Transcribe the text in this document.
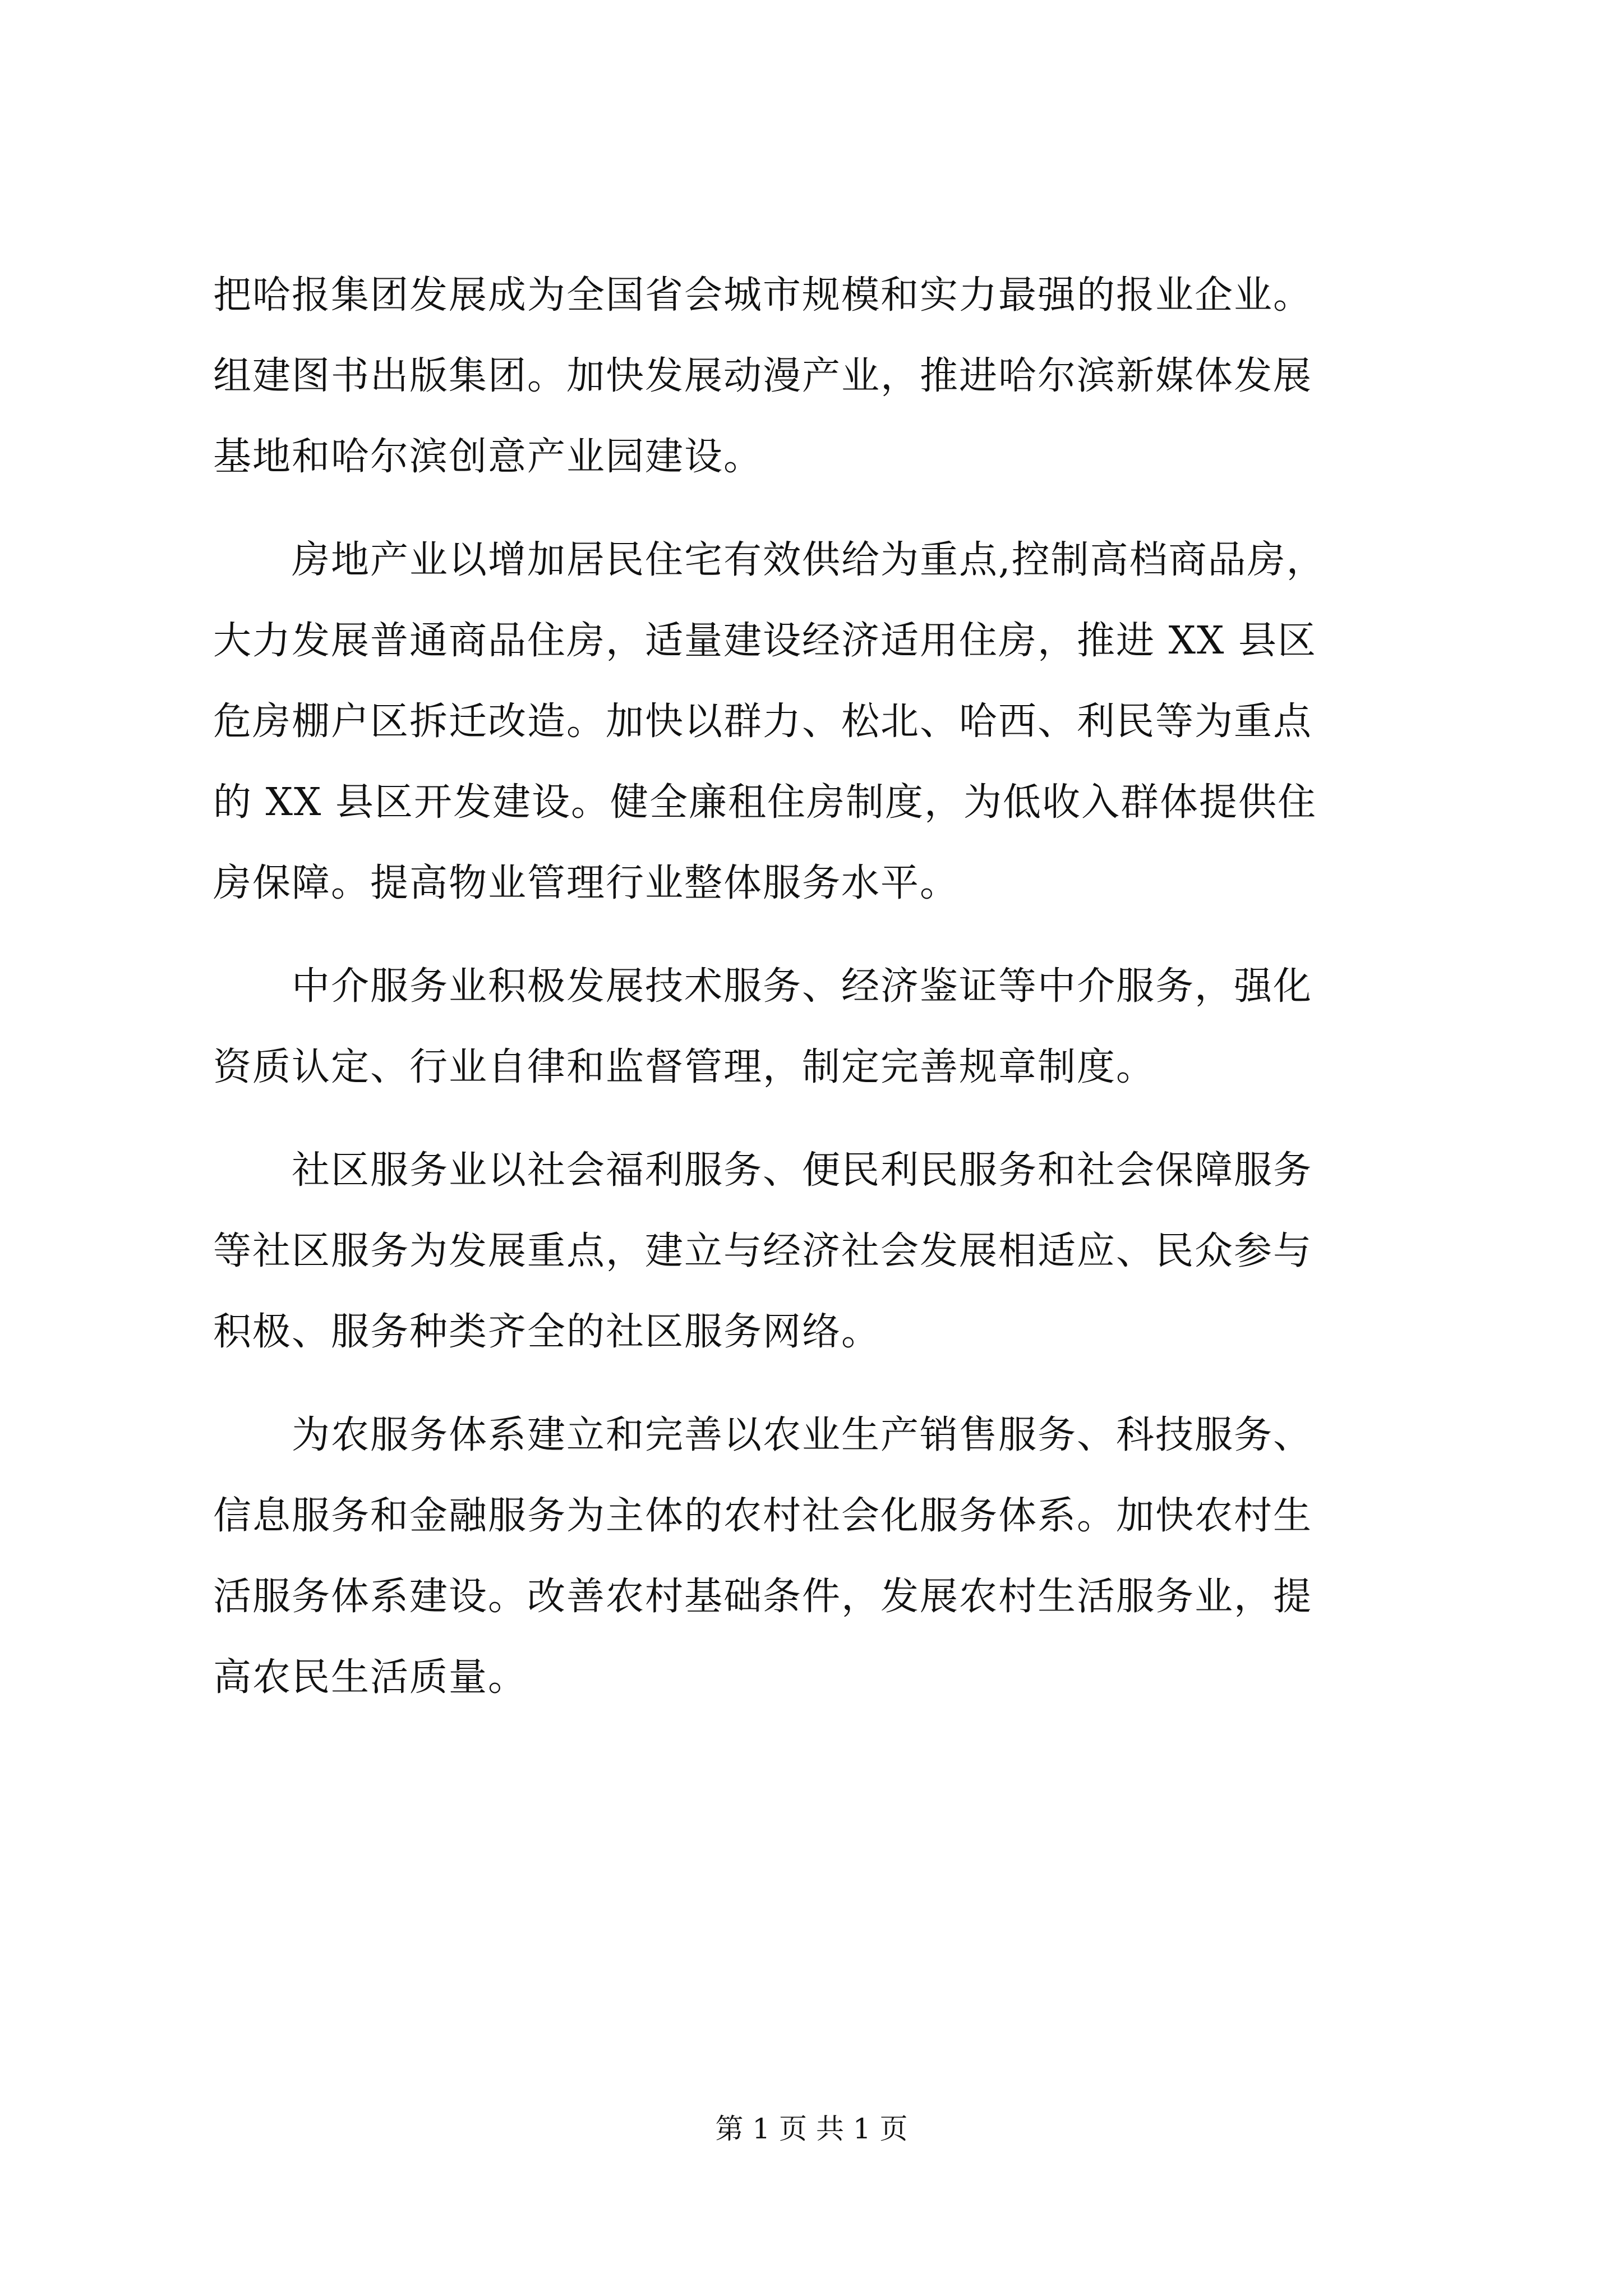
把哈报集团发展成为全国省会城市规模和实力最强的报业企业。
组建图书出版集团。加快发展动漫产业，推进哈尔滨新媒体发展
基地和哈尔滨创意产业园建设。
　　房地产业以增加居民住宅有效供给为重点,控制高档商品房，
大力发展普通商品住房，适量建设经济适用住房，推进 XX 县区
危房棚户区拆迁改造。加快以群力、松北、哈西、利民等为重点
的 XX 县区开发建设。健全廉租住房制度，为低收入群体提供住
房保障。提高物业管理行业整体服务水平。
　　中介服务业积极发展技术服务、经济鉴证等中介服务，强化
资质认定、行业自律和监督管理，制定完善规章制度。
　　社区服务业以社会福利服务、便民利民服务和社会保障服务
等社区服务为发展重点，建立与经济社会发展相适应、民众参与
积极、服务种类齐全的社区服务网络。
　　为农服务体系建立和完善以农业生产销售服务、科技服务、
信息服务和金融服务为主体的农村社会化服务体系。加快农村生
活服务体系建设。改善农村基础条件，发展农村生活服务业，提
高农民生活质量。
第 1 页 共 1 页
